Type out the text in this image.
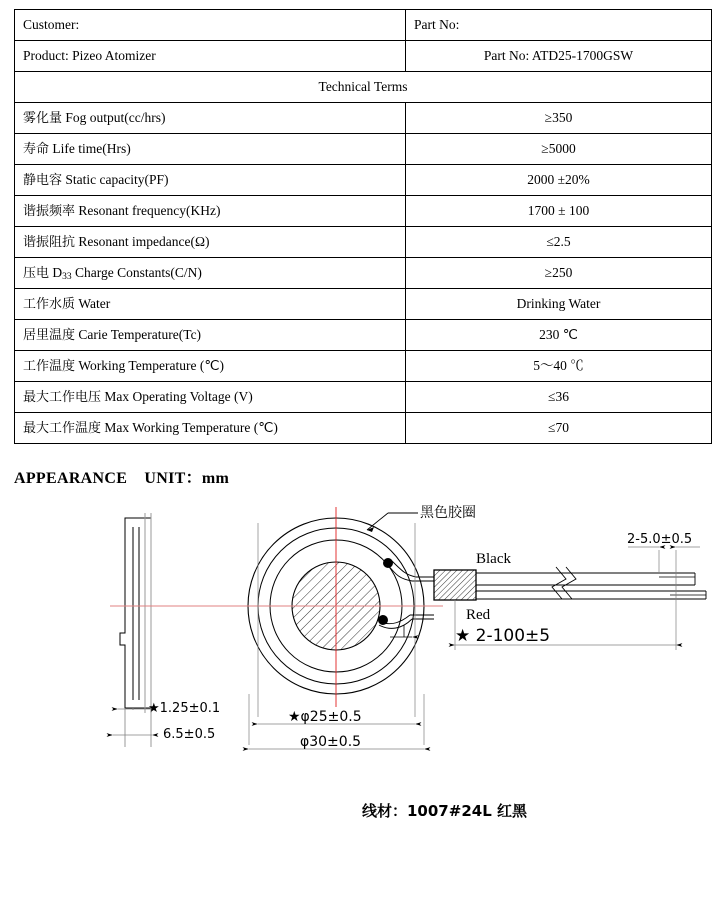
Customer:	Part No:
Product: Pizeo Atomizer	Part No: ATD25-1700GSW
Technical Terms	
雾化量 Fog output(cc/hrs)	≥350
寿命 Life time(Hrs)	≥5000
静电容 Static capacity(PF)	2000 ±20%
谐振频率 Resonant frequency(KHz)	1700 ± 100
谐振阻抗 Resonant impedance(Ω)	≤2.5
压电 D33 Charge Constants(C/N)	≥250
工作水质 Water	Drinking Water
居里温度 Carie Temperature(Tc)	230 ℃
工作温度 Working Temperature (℃)	5～40 ℃
最大工作电压 Max Operating Voltage (V)	≤36
最大工作温度 Max Working Temperature (℃)	≤70
APPEARANCE    UNIT：mm
黑色胶圈
Black
Red
2-5.0±0.5
★ 2-100±5
★φ25±0.5
φ30±0.5
★1.25±0.1
6.5±0.5
线材：1007#24L 红黑
